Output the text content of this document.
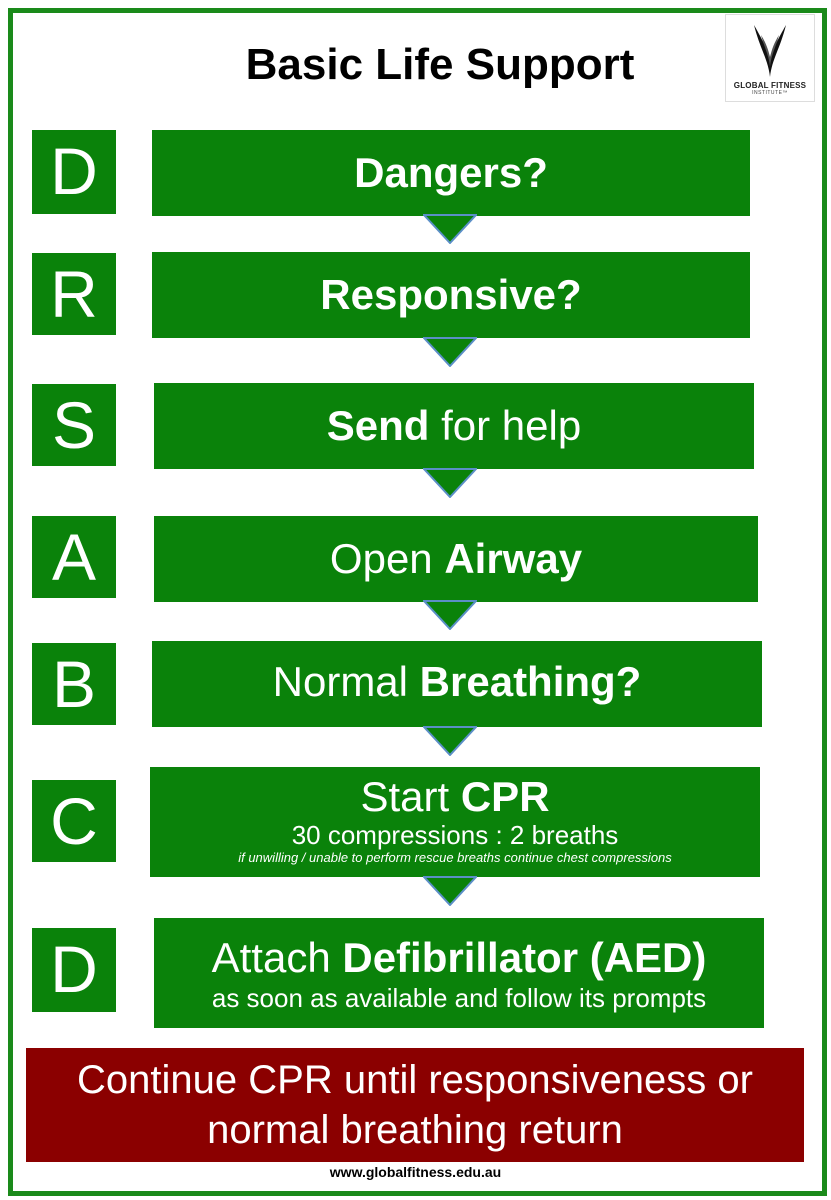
Basic Life Support	GLOBAL FITNESS
INSTITUTE™
D	Dangers?
R	Responsive?
S	Send for help
A	Open Airway
B	Normal Breathing?
C	Start CPR
30 compressions : 2 breaths
if unwilling / unable to perform rescue breaths continue chest compressions
D	Attach Defibrillator (AED)
as soon as available and follow its prompts
Continue CPR until responsiveness or
normal breathing return
www.globalfitness.edu.au
